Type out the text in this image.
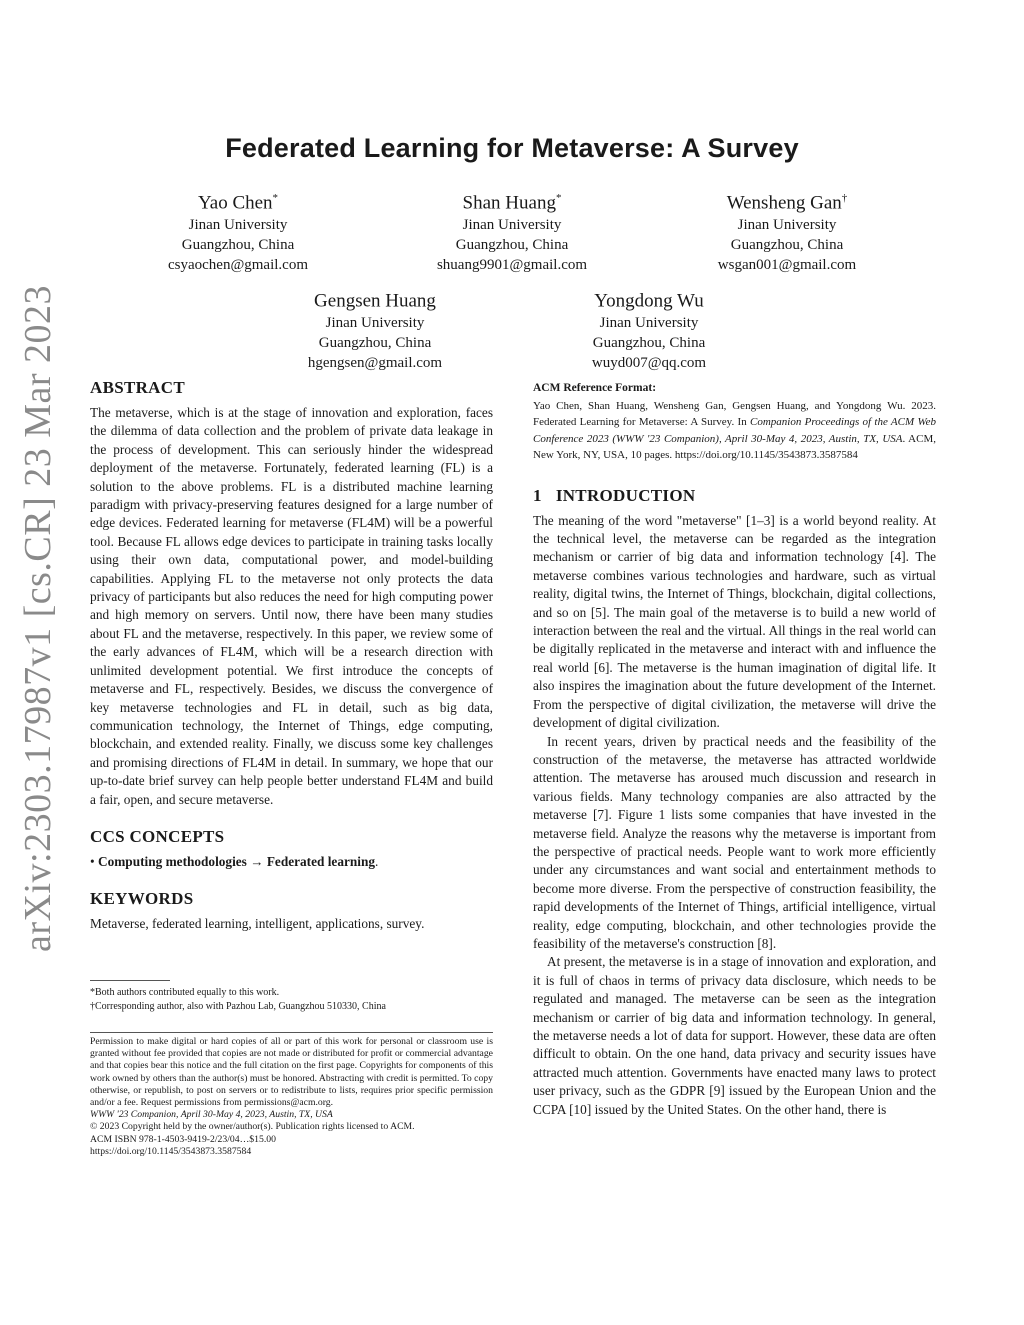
arXiv:2303.17987v1 [cs.CR] 23 Mar 2023
Federated Learning for Metaverse: A Survey
Yao Chen*
Jinan University
Guangzhou, China
csyaochen@gmail.com
Shan Huang*
Jinan University
Guangzhou, China
shuang9901@gmail.com
Wensheng Gan†
Jinan University
Guangzhou, China
wsgan001@gmail.com
Gengsen Huang
Jinan University
Guangzhou, China
hgengsen@gmail.com
Yongdong Wu
Jinan University
Guangzhou, China
wuyd007@qq.com
ABSTRACT

The metaverse, which is at the stage of innovation and exploration, faces the dilemma of data collection and the problem of private data leakage in the process of development. This can seriously hinder the widespread deployment of the metaverse. Fortunately, federated learning (FL) is a solution to the above problems. FL is a distributed machine learning paradigm with privacy-preserving features designed for a large number of edge devices. Federated learning for metaverse (FL4M) will be a powerful tool. Because FL allows edge devices to participate in training tasks locally using their own data, computational power, and model-building capabilities. Applying FL to the metaverse not only protects the data privacy of participants but also reduces the need for high computing power and high memory on servers. Until now, there have been many studies about FL and the metaverse, respectively. In this paper, we review some of the early advances of FL4M, which will be a research direction with unlimited development potential. We first introduce the concepts of metaverse and FL, respectively. Besides, we discuss the convergence of key metaverse technologies and FL in detail, such as big data, communication technology, the Internet of Things, edge computing, blockchain, and extended reality. Finally, we discuss some key challenges and promising directions of FL4M in detail. In summary, we hope that our up-to-date brief survey can help people better understand FL4M and build a fair, open, and secure metaverse.

CCS CONCEPTS

• Computing methodologies → Federated learning.

KEYWORDS

Metaverse, federated learning, intelligent, applications, survey.

*Both authors contributed equally to this work.

†Corresponding author, also with Pazhou Lab, Guangzhou 510330, China

Permission to make digital or hard copies of all or part of this work for personal or classroom use is granted without fee provided that copies are not made or distributed for profit or commercial advantage and that copies bear this notice and the full citation on the first page. Copyrights for components of this work owned by others than the author(s) must be honored. Abstracting with credit is permitted. To copy otherwise, or republish, to post on servers or to redistribute to lists, requires prior specific permission and/or a fee. Request permissions from permissions@acm.org.

WWW '23 Companion, April 30-May 4, 2023, Austin, TX, USA

© 2023 Copyright held by the owner/author(s). Publication rights licensed to ACM.

ACM ISBN 978-1-4503-9419-2/23/04…$15.00

https://doi.org/10.1145/3543873.3587584

ACM Reference Format:

Yao Chen, Shan Huang, Wensheng Gan, Gengsen Huang, and Yongdong Wu. 2023. Federated Learning for Metaverse: A Survey. In Companion Proceedings of the ACM Web Conference 2023 (WWW '23 Companion), April 30-May 4, 2023, Austin, TX, USA. ACM, New York, NY, USA, 10 pages. https://doi.org/10.1145/3543873.3587584

1 INTRODUCTION

The meaning of the word "metaverse" [1–3] is a world beyond reality. At the technical level, the metaverse can be regarded as the integration mechanism or carrier of big data and information technology [4]. The metaverse combines various technologies and hardware, such as virtual reality, digital twins, the Internet of Things, blockchain, digital collections, and so on [5]. The main goal of the metaverse is to build a new world of interaction between the real and the virtual. All things in the real world can be digitally replicated in the metaverse and interact with and influence the real world [6]. The metaverse is the human imagination of digital life. It also inspires the imagination about the future development of the Internet. From the perspective of digital civilization, the metaverse will drive the development of digital civilization.

In recent years, driven by practical needs and the feasibility of the construction of the metaverse, the metaverse has attracted worldwide attention. The metaverse has aroused much discussion and research in various fields. Many technology companies are also attracted by the metaverse [7]. Figure 1 lists some companies that have invested in the metaverse field. Analyze the reasons why the metaverse is important from the perspective of practical needs. People want to work more efficiently under any circumstances and want social and entertainment methods to become more diverse. From the perspective of construction feasibility, the rapid developments of the Internet of Things, artificial intelligence, virtual reality, edge computing, blockchain, and other technologies provide the feasibility of the metaverse's construction [8].

At present, the metaverse is in a stage of innovation and exploration, and it is full of chaos in terms of privacy data disclosure, which needs to be regulated and managed. The metaverse can be seen as the integration mechanism or carrier of big data and information technology. In general, the metaverse needs a lot of data for support. However, these data are often difficult to obtain. On the one hand, data privacy and security issues have attracted much attention. Governments have enacted many laws to protect user privacy, such as the GDPR [9] issued by the European Union and the CCPA [10] issued by the United States. On the other hand, there is
